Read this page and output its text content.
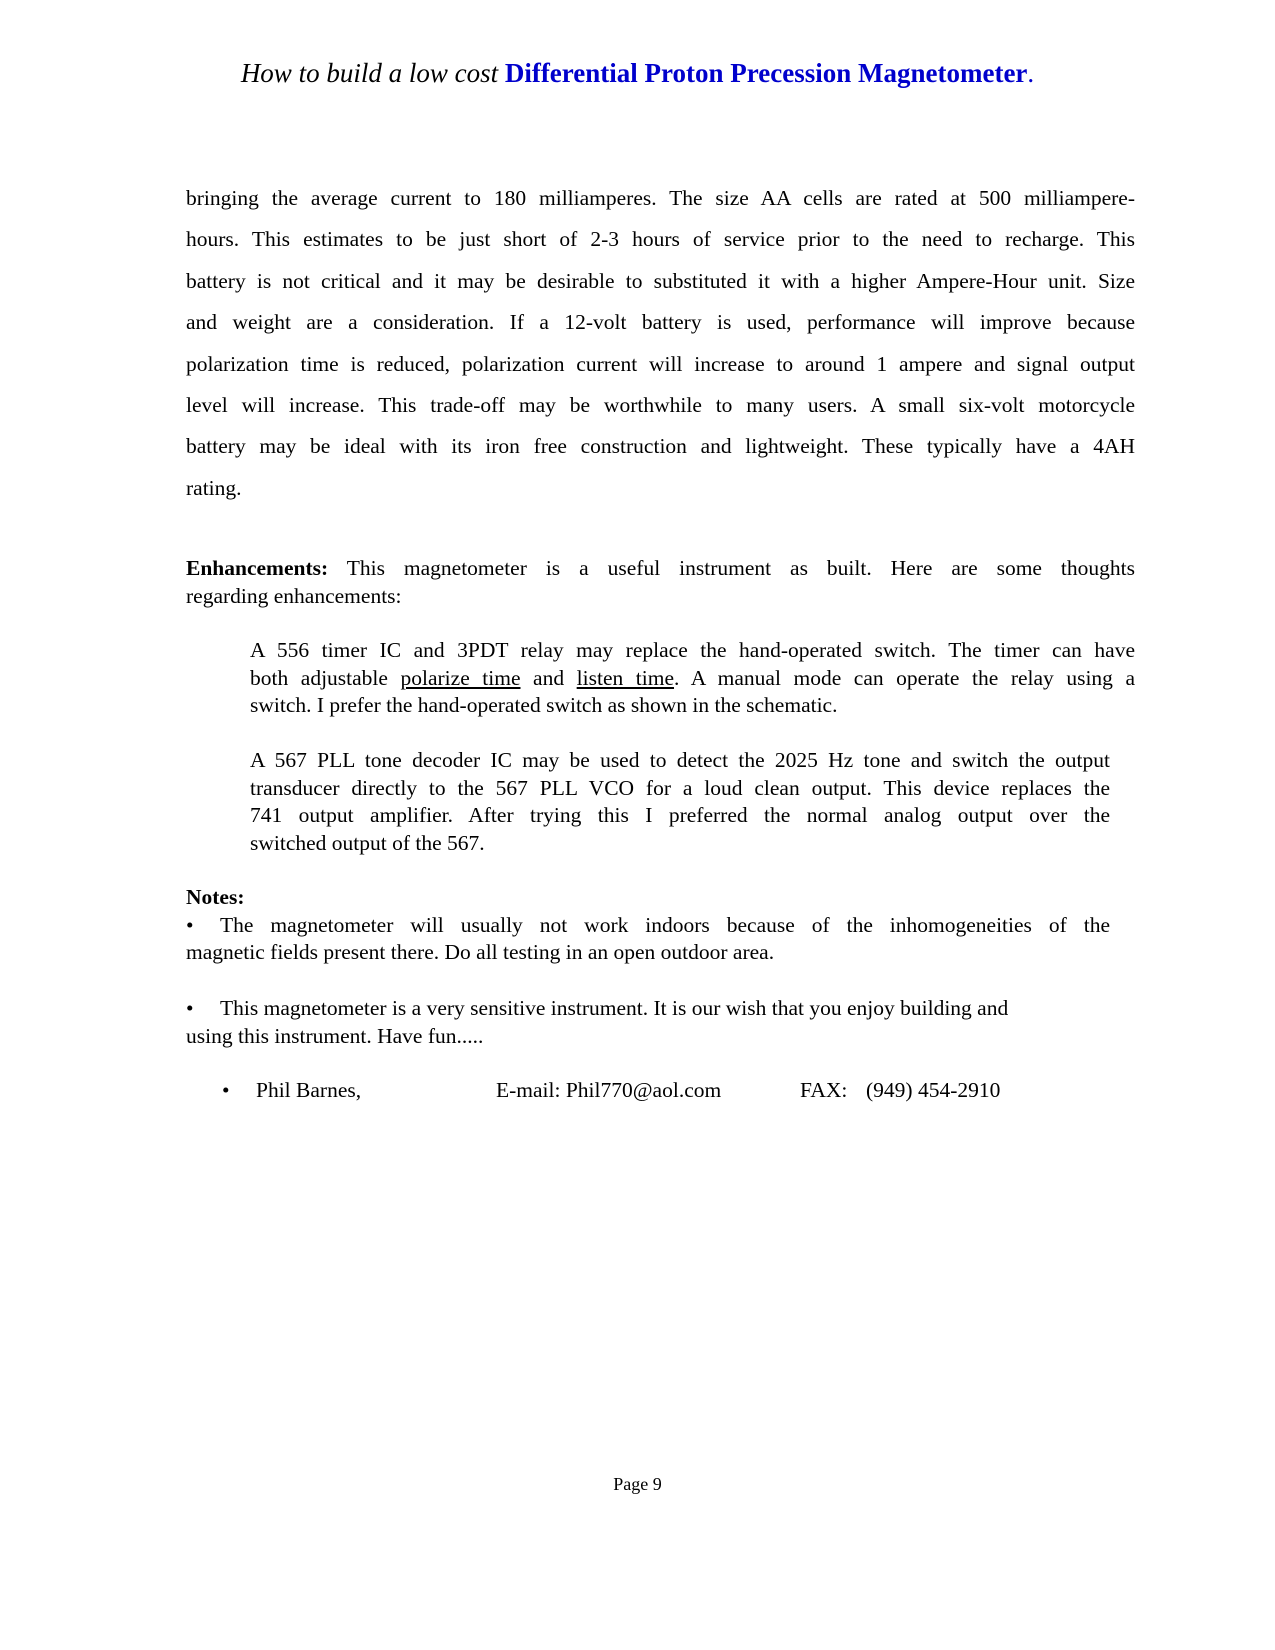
How to build a low cost Differential Proton Precession Magnetometer.
bringing the average current to 180 milliamperes. The size AA cells are rated at 500 milliampere-
hours. This estimates to be just short of 2-3 hours of service prior to the need to recharge. This
battery is not critical and it may be desirable to substituted it with a higher Ampere-Hour unit. Size
and weight are a consideration. If a 12-volt battery is used, performance will improve because
polarization time is reduced, polarization current will increase to around 1 ampere and signal output
level will increase. This trade-off may be worthwhile to many users. A small six-volt motorcycle
battery may be ideal with its iron free construction and lightweight. These typically have a 4AH
rating.
Enhancements: This magnetometer is a useful instrument as built. Here are some thoughts
regarding enhancements:
A 556 timer IC and 3PDT relay may replace the hand-operated switch. The timer can have
both adjustable polarize time and listen time. A manual mode can operate the relay using a
switch. I prefer the hand-operated switch as shown in the schematic.
A 567 PLL tone decoder IC may be used to detect the 2025 Hz tone and switch the output
transducer directly to the 567 PLL VCO for a loud clean output. This device replaces the
741 output amplifier. After trying this I preferred the normal analog output over the
switched output of the 567.
Notes:
• The magnetometer will usually not work indoors because of the inhomogeneities of the
magnetic fields present there. Do all testing in an open outdoor area.
• This magnetometer is a very sensitive instrument. It is our wish that you enjoy building and
using this instrument. Have fun.....
• Phil Barnes,	E-mail: Phil770@aol.com	FAX: (949) 454-2910
Page 9
